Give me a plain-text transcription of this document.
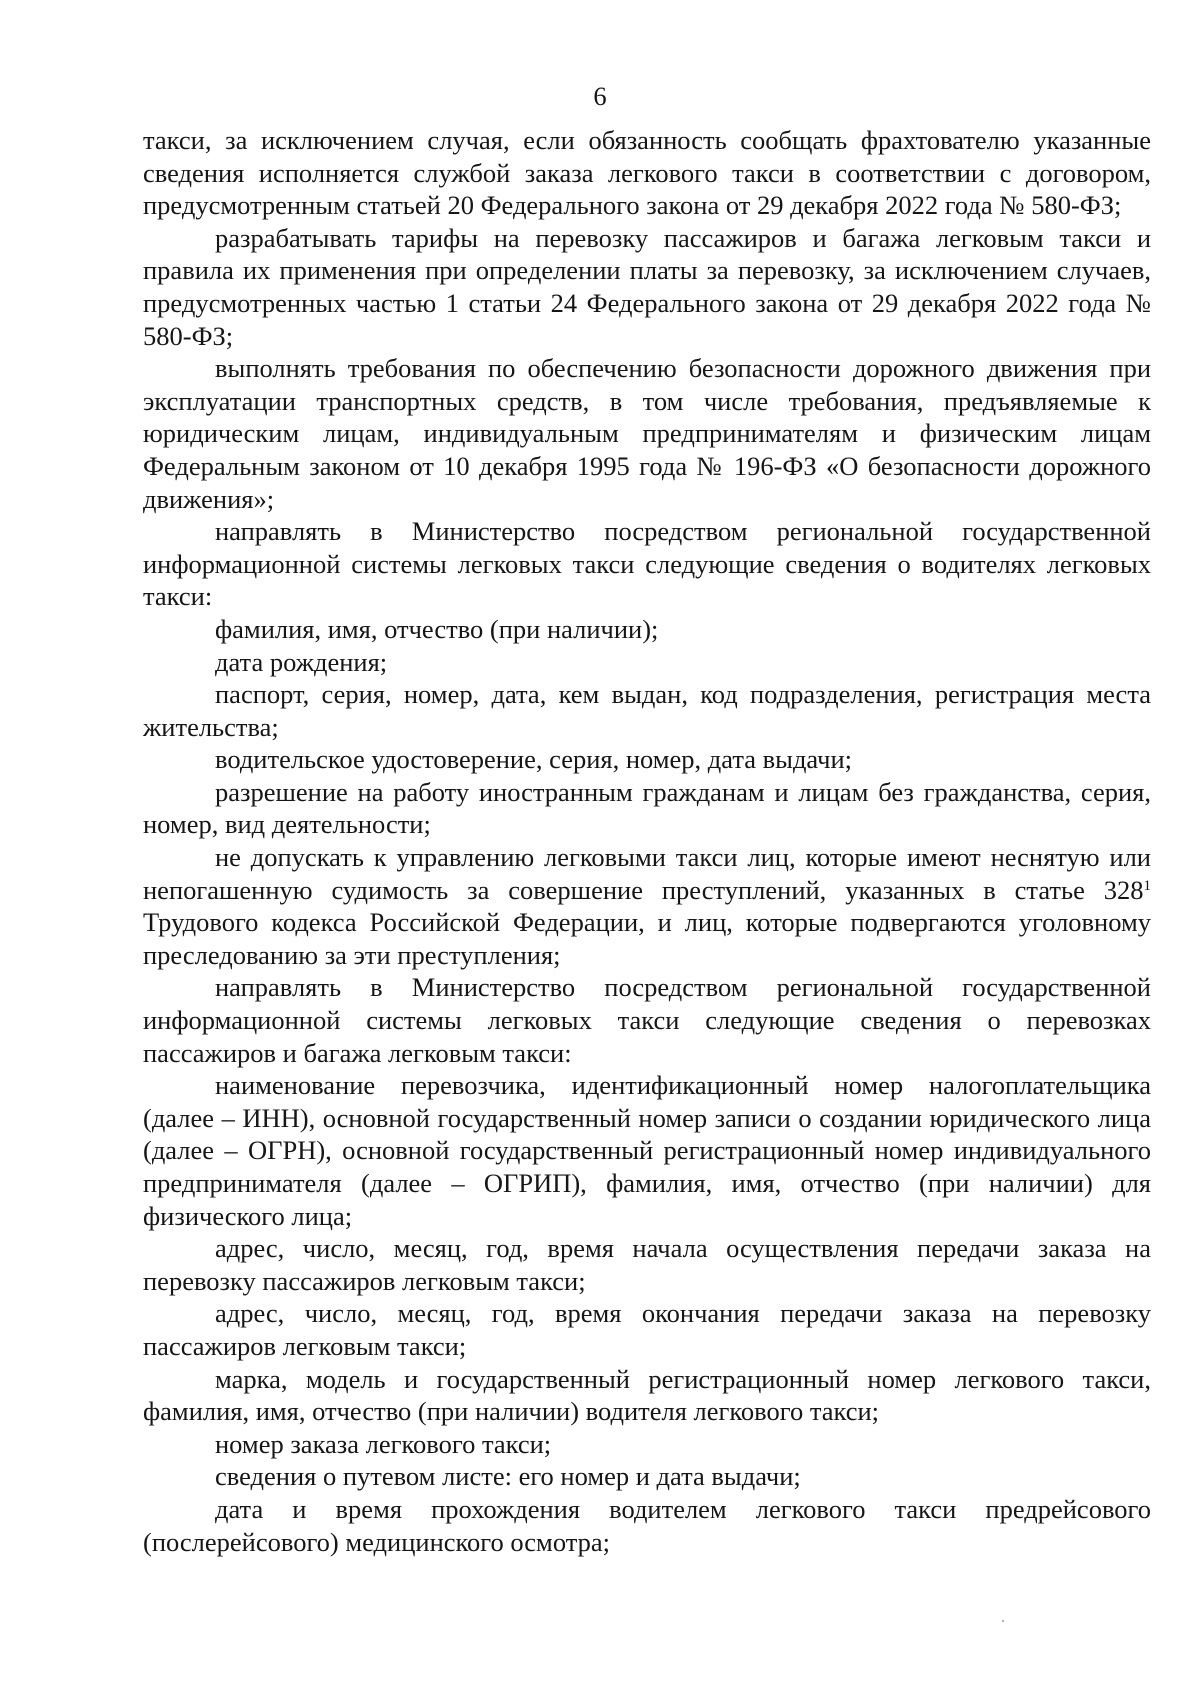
6

такси, за исключением случая, если обязанность сообщать фрахтователю указанные сведения исполняется службой заказа легкового такси в соответствии с договором, предусмотренным статьей 20 Федерального закона от 29 декабря 2022 года № 580-ФЗ;

разрабатывать тарифы на перевозку пассажиров и багажа легковым такси и правила их применения при определении платы за перевозку, за исключением случаев, предусмотренных частью 1 статьи 24 Федерального закона от 29 декабря 2022 года № 580-ФЗ;

выполнять требования по обеспечению безопасности дорожного движения при эксплуатации транспортных средств, в том числе требования, предъявляемые к юридическим лицам, индивидуальным предпринимателям и физическим лицам Федеральным законом от 10 декабря 1995 года № 196-ФЗ «О безопасности дорожного движения»;

направлять в Министерство посредством региональной государственной информационной системы легковых такси следующие сведения о водителях легковых такси:

фамилия, имя, отчество (при наличии);

дата рождения;

паспорт, серия, номер, дата, кем выдан, код подразделения, регистрация места жительства;

водительское удостоверение, серия, номер, дата выдачи;

разрешение на работу иностранным гражданам и лицам без гражданства, серия, номер, вид деятельности;

не допускать к управлению легковыми такси лиц, которые имеют неснятую или непогашенную судимость за совершение преступлений, указанных в статье $328^1$ Трудового кодекса Российской Федерации, и лиц, которые подвергаются уголовному преследованию за эти преступления;

направлять в Министерство посредством региональной государственной информационной системы легковых такси следующие сведения о перевозках пассажиров и багажа легковым такси:

наименование перевозчика, идентификационный номер налогоплательщика (далее – ИНН), основной государственный номер записи о создании юридического лица (далее – ОГРН), основной государственный регистрационный номер индивидуального предпринимателя (далее – ОГРИП), фамилия, имя, отчество (при наличии) для физического лица;

адрес, число, месяц, год, время начала осуществления передачи заказа на перевозку пассажиров легковым такси;

адрес, число, месяц, год, время окончания передачи заказа на перевозку пассажиров легковым такси;

марка, модель и государственный регистрационный номер легкового такси, фамилия, имя, отчество (при наличии) водителя легкового такси;

номер заказа легкового такси;

сведения о путевом листе: его номер и дата выдачи;

дата и время прохождения водителем легкового такси предрейсового (послерейсового) медицинского осмотра;
